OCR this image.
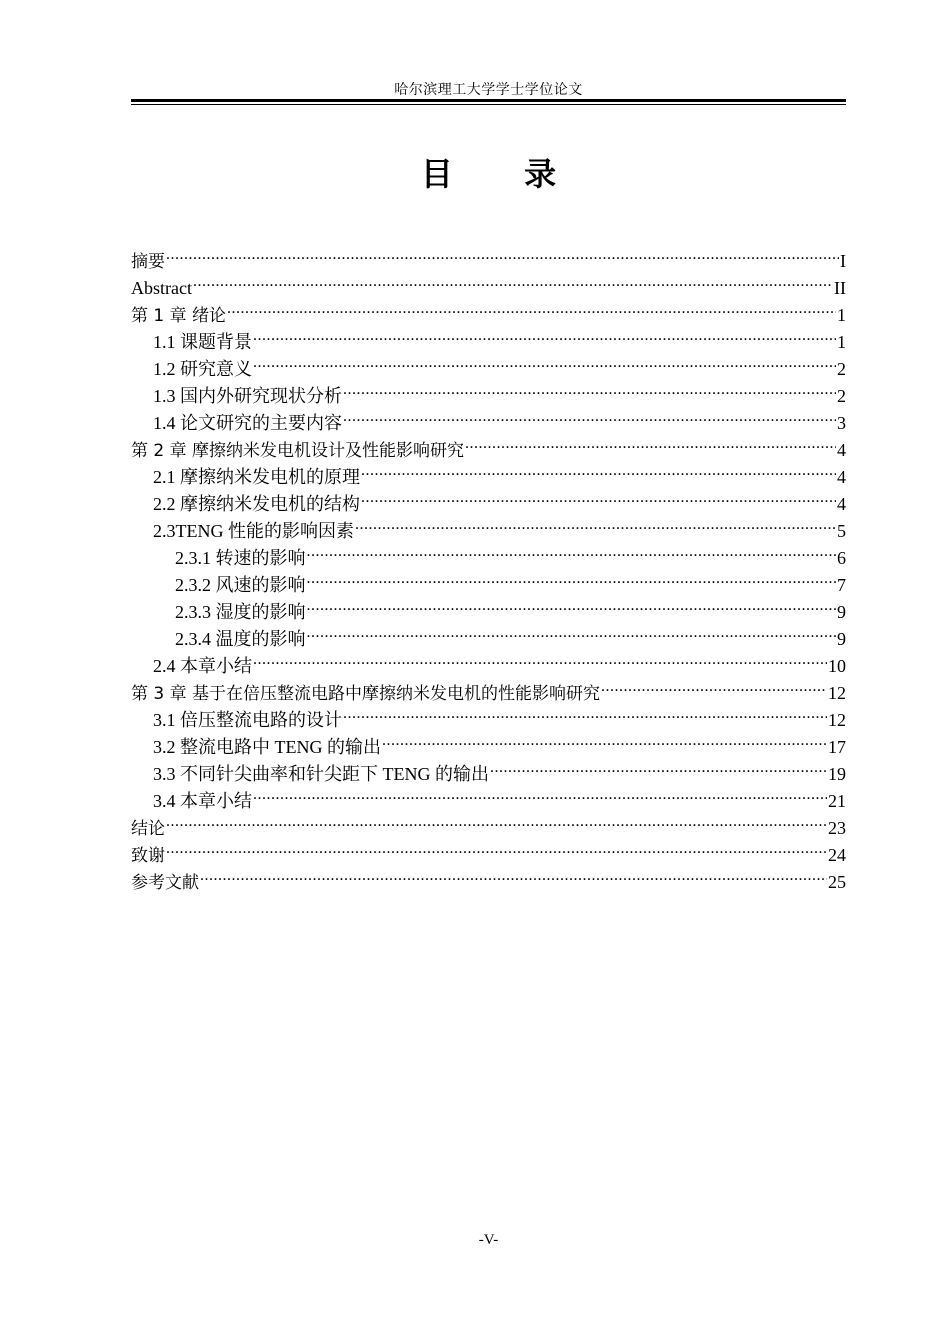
哈尔滨理工大学学士学位论文
目 录
摘要 .....	I
Abstract .....	II
第 1 章 绪论 .....	1
1.1 课题背景 .....	1
1.2 研究意义 .....	2
1.3 国内外研究现状分析 .....	2
1.4 论文研究的主要内容 .....	3
第 2 章 摩擦纳米发电机设计及性能影响研究 .....	4
2.1 摩擦纳米发电机的原理 .....	4
2.2 摩擦纳米发电机的结构 .....	4
2.3TENG 性能的影响因素 .....	5
2.3.1 转速的影响 .....	6
2.3.2 风速的影响 .....	7
2.3.3 湿度的影响 .....	9
2.3.4 温度的影响 .....	9
2.4 本章小结 .....	10
第 3 章 基于在倍压整流电路中摩擦纳米发电机的性能影响研究 .....	12
3.1 倍压整流电路的设计 .....	12
3.2 整流电路中 TENG 的输出 .....	17
3.3 不同针尖曲率和针尖距下 TENG 的输出 .....	19
3.4 本章小结 .....	21
结论 .....	23
致谢 .....	24
参考文献 .....	25
-V-
